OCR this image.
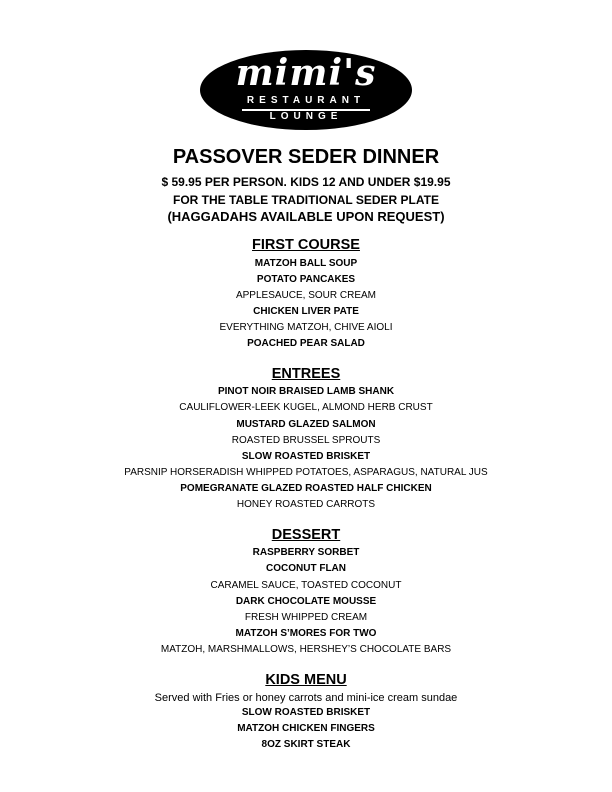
mimi's
RESTAURANT
LOUNGE
PASSOVER SEDER DINNER
$ 59.95 PER PERSON. KIDS 12 AND UNDER $19.95
FOR THE TABLE TRADITIONAL SEDER PLATE
(HAGGADAHS AVAILABLE UPON REQUEST)
FIRST COURSE
MATZOH BALL SOUP
POTATO PANCAKES
APPLESAUCE, SOUR CREAM
CHICKEN LIVER PATE
EVERYTHING MATZOH, CHIVE AIOLI
POACHED PEAR SALAD
ENTREES
PINOT NOIR BRAISED LAMB SHANK
CAULIFLOWER-LEEK KUGEL, ALMOND HERB CRUST
MUSTARD GLAZED SALMON
ROASTED BRUSSEL SPROUTS
SLOW ROASTED BRISKET
PARSNIP HORSERADISH WHIPPED POTATOES, ASPARAGUS, NATURAL JUS
POMEGRANATE GLAZED ROASTED HALF CHICKEN
HONEY ROASTED CARROTS
DESSERT
RASPBERRY SORBET
COCONUT FLAN
CARAMEL SAUCE, TOASTED COCONUT
DARK CHOCOLATE MOUSSE
FRESH WHIPPED CREAM
MATZOH S’MORES FOR TWO
MATZOH, MARSHMALLOWS, HERSHEY’S CHOCOLATE BARS
KIDS MENU
Served with Fries or honey carrots and mini-ice cream sundae
SLOW ROASTED BRISKET
MATZOH CHICKEN FINGERS
8OZ SKIRT STEAK
